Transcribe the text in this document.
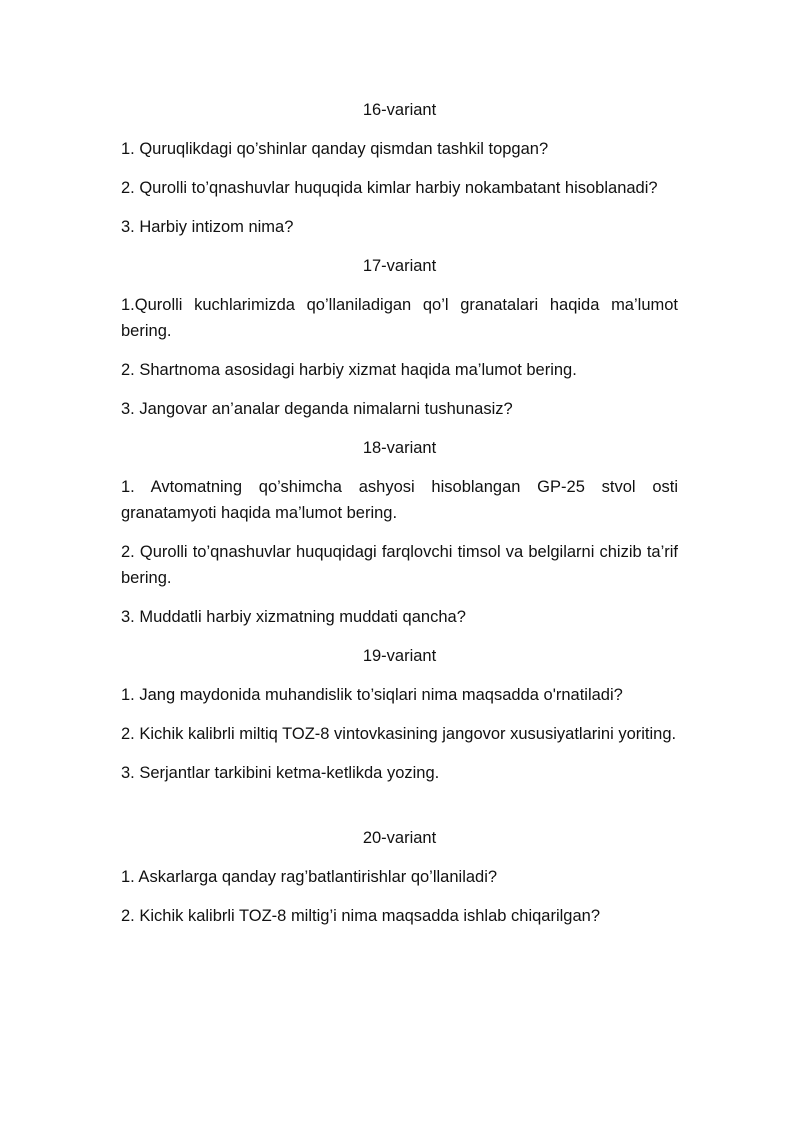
16-variant

1. Quruqlikdagi qo’shinlar qanday qismdan tashkil topgan?

2. Qurolli to’qnashuvlar huquqida kimlar harbiy nokambatant hisoblanadi?

3. Harbiy intizom nima?

17-variant

1.Qurolli kuchlarimizda qo’llaniladigan qo’l granatalari haqida ma’lumot bering.

2. Shartnoma asosidagi harbiy xizmat haqida ma’lumot bering.

3. Jangovar an’analar deganda nimalarni tushunasiz?

18-variant

1. Avtomatning qo’shimcha ashyosi hisoblangan GP-25 stvol osti granatamyoti haqida ma’lumot bering.

2. Qurolli to’qnashuvlar huquqidagi farqlovchi timsol va belgilarni chizib ta’rif bering.

3. Muddatli harbiy xizmatning muddati qancha?

19-variant

1. Jang maydonida muhandislik to’siqlari nima maqsadda o'rnatiladi?

2. Kichik kalibrli miltiq TOZ-8 vintovkasining jangovor xususiyatlarini yoriting.

3. Serjantlar tarkibini ketma-ketlikda yozing.

20-variant

1. Askarlarga qanday rag’batlantirishlar qo’llaniladi?

2. Kichik kalibrli TOZ-8 miltig’i nima maqsadda ishlab chiqarilgan?
